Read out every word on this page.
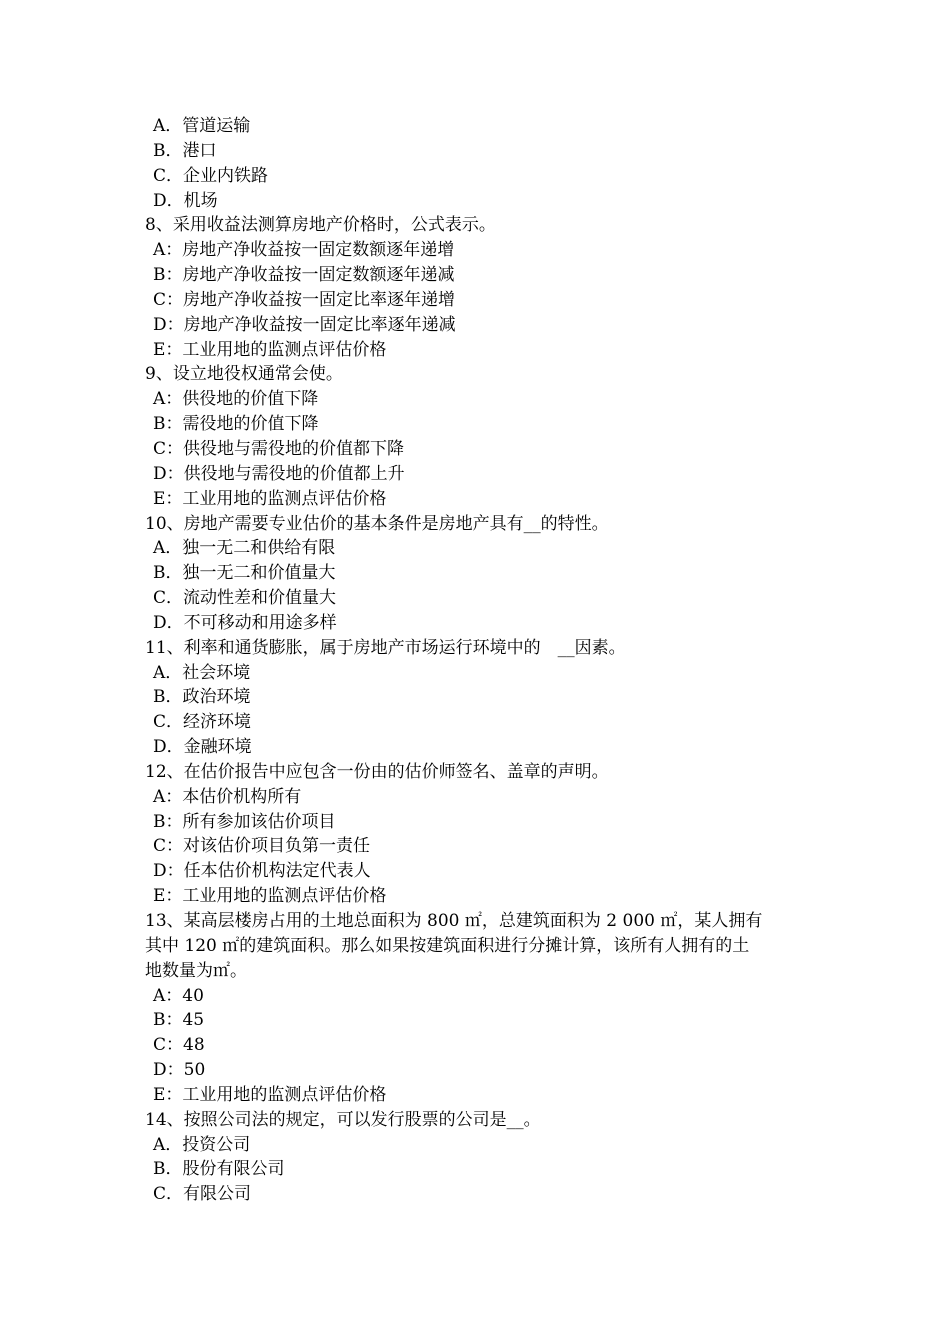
A．管道运输
B．港口
C．企业内铁路
D．机场
8、采用收益法测算房地产价格时，公式表示。
A：房地产净收益按一固定数额逐年递增
B：房地产净收益按一固定数额逐年递减
C：房地产净收益按一固定比率逐年递增
D：房地产净收益按一固定比率逐年递减
E：工业用地的监测点评估价格
9、设立地役权通常会使。
A：供役地的价值下降
B：需役地的价值下降
C：供役地与需役地的价值都下降
D：供役地与需役地的价值都上升
E：工业用地的监测点评估价格
10、房地产需要专业估价的基本条件是房地产具有__的特性。
A．独一无二和供给有限
B．独一无二和价值量大
C．流动性差和价值量大
D．不可移动和用途多样
11、利率和通货膨胀，属于房地产市场运行环境中的　__因素。
A．社会环境
B．政治环境
C．经济环境
D．金融环境
12、在估价报告中应包含一份由的估价师签名、盖章的声明。
A：本估价机构所有
B：所有参加该估价项目
C：对该估价项目负第一责任
D：任本估价机构法定代表人
E：工业用地的监测点评估价格
13、某高层楼房占用的土地总面积为 800 ㎡，总建筑面积为 2 000 ㎡，某人拥有
其中 120 ㎡的建筑面积。那么如果按建筑面积进行分摊计算，该所有人拥有的土
地数量为㎡。
A：40
B：45
C：48
D：50
E：工业用地的监测点评估价格
14、按照公司法的规定，可以发行股票的公司是__。
A．投资公司
B．股份有限公司
C．有限公司
